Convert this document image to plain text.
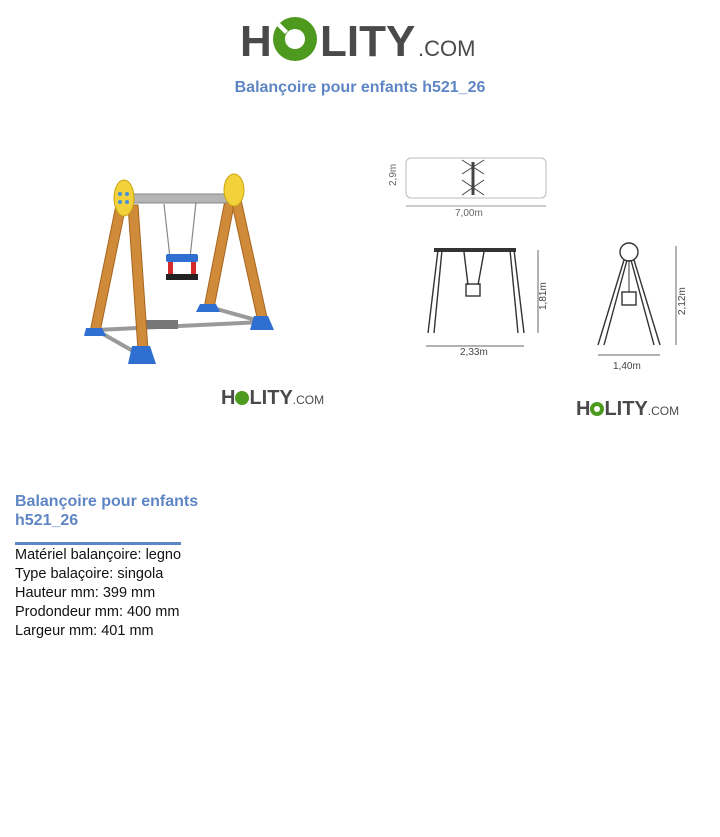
H LITY .COM
Balançoire pour enfants h521_26
H LITY.COM
7,00m
2,9m
2,33m
1,81m
1,40m
2,12m
H LITY.COM
Balançoire pour enfants
h521_26
Matériel balançoire: legno
Type balaçoire: singola
Hauteur mm: 399 mm
Prodondeur mm: 400 mm
Largeur mm: 401 mm
